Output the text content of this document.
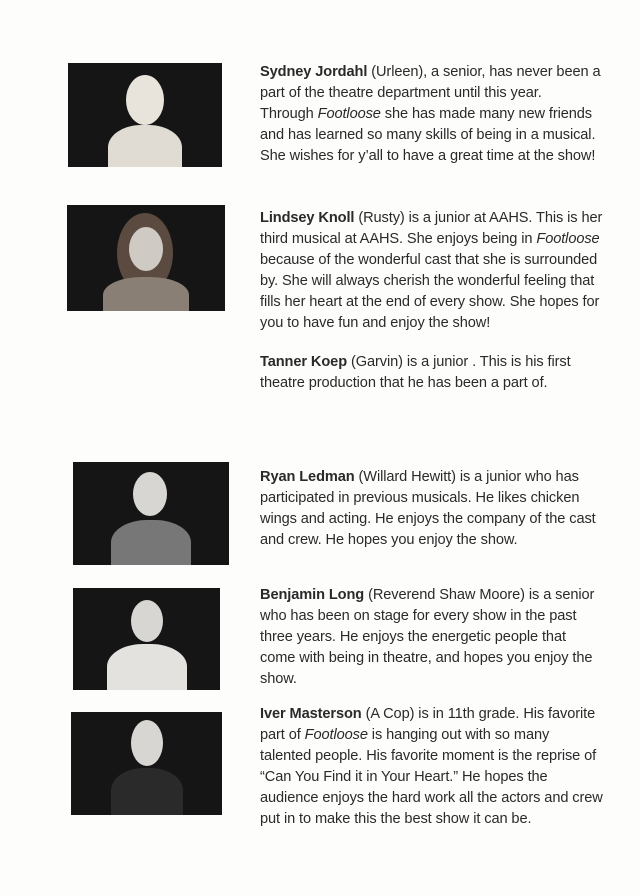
Sydney Jordahl (Urleen), a senior, has never been a
part of the theatre department until this year.
Through Footloose she has made many new friends
and has learned so many skills of being in a musical.
She wishes for y’all to have a great time at the show!
Lindsey Knoll (Rusty) is a junior at AAHS. This is her
third musical at AAHS. She enjoys being in Footloose
because of the wonderful cast that she is surrounded
by. She will always cherish the wonderful feeling that
fills her heart at the end of every show. She hopes for
you to have fun and enjoy the show!
Tanner Koep (Garvin) is a junior . This is his first
theatre production that he has been a part of.
Ryan Ledman (Willard Hewitt) is a junior who has
participated in previous musicals. He likes chicken
wings and acting. He enjoys the company of the cast
and crew. He hopes you enjoy the show.
Benjamin Long (Reverend Shaw Moore) is a senior
who has been on stage for every show in the past
three years. He enjoys the energetic people that
come with being in theatre, and hopes you enjoy the
show.
Iver Masterson (A Cop) is in 11th grade. His favorite
part of Footloose is hanging out with so many
talented people. His favorite moment is the reprise of
“Can You Find it in Your Heart.” He hopes the
audience enjoys the hard work all the actors and crew
put in to make this the best show it can be.
